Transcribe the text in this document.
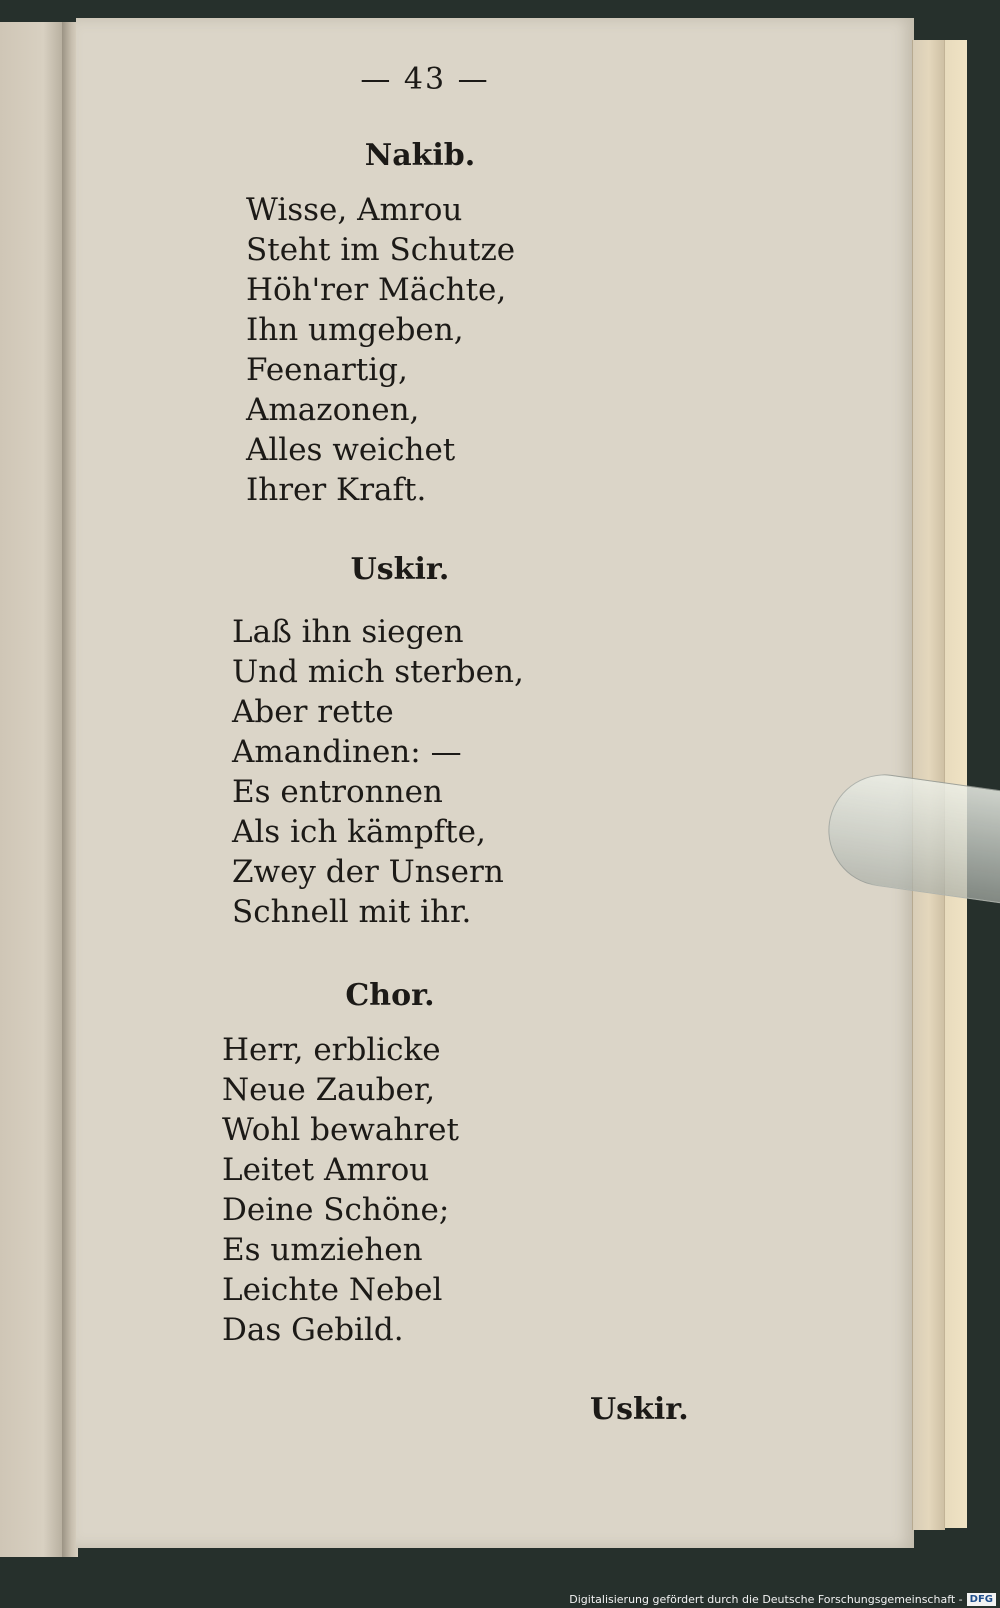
— 43 —
Nakib.
Wisse, Amrou
Steht im Schutze
Höh'rer Mächte,
Ihn umgeben,
Feenartig,
Amazonen,
Alles weichet
Ihrer Kraft.
Uskir.
Laß ihn siegen
Und mich sterben,
Aber rette
Amandinen: —
Es entronnen
Als ich kämpfte,
Zwey der Unsern
Schnell mit ihr.
Chor.
Herr, erblicke
Neue Zauber,
Wohl bewahret
Leitet Amrou
Deine Schöne;
Es umziehen
Leichte Nebel
Das Gebild.
Uskir.
Digitalisierung gefördert durch die Deutsche Forschungsgemeinschaft - DFG
